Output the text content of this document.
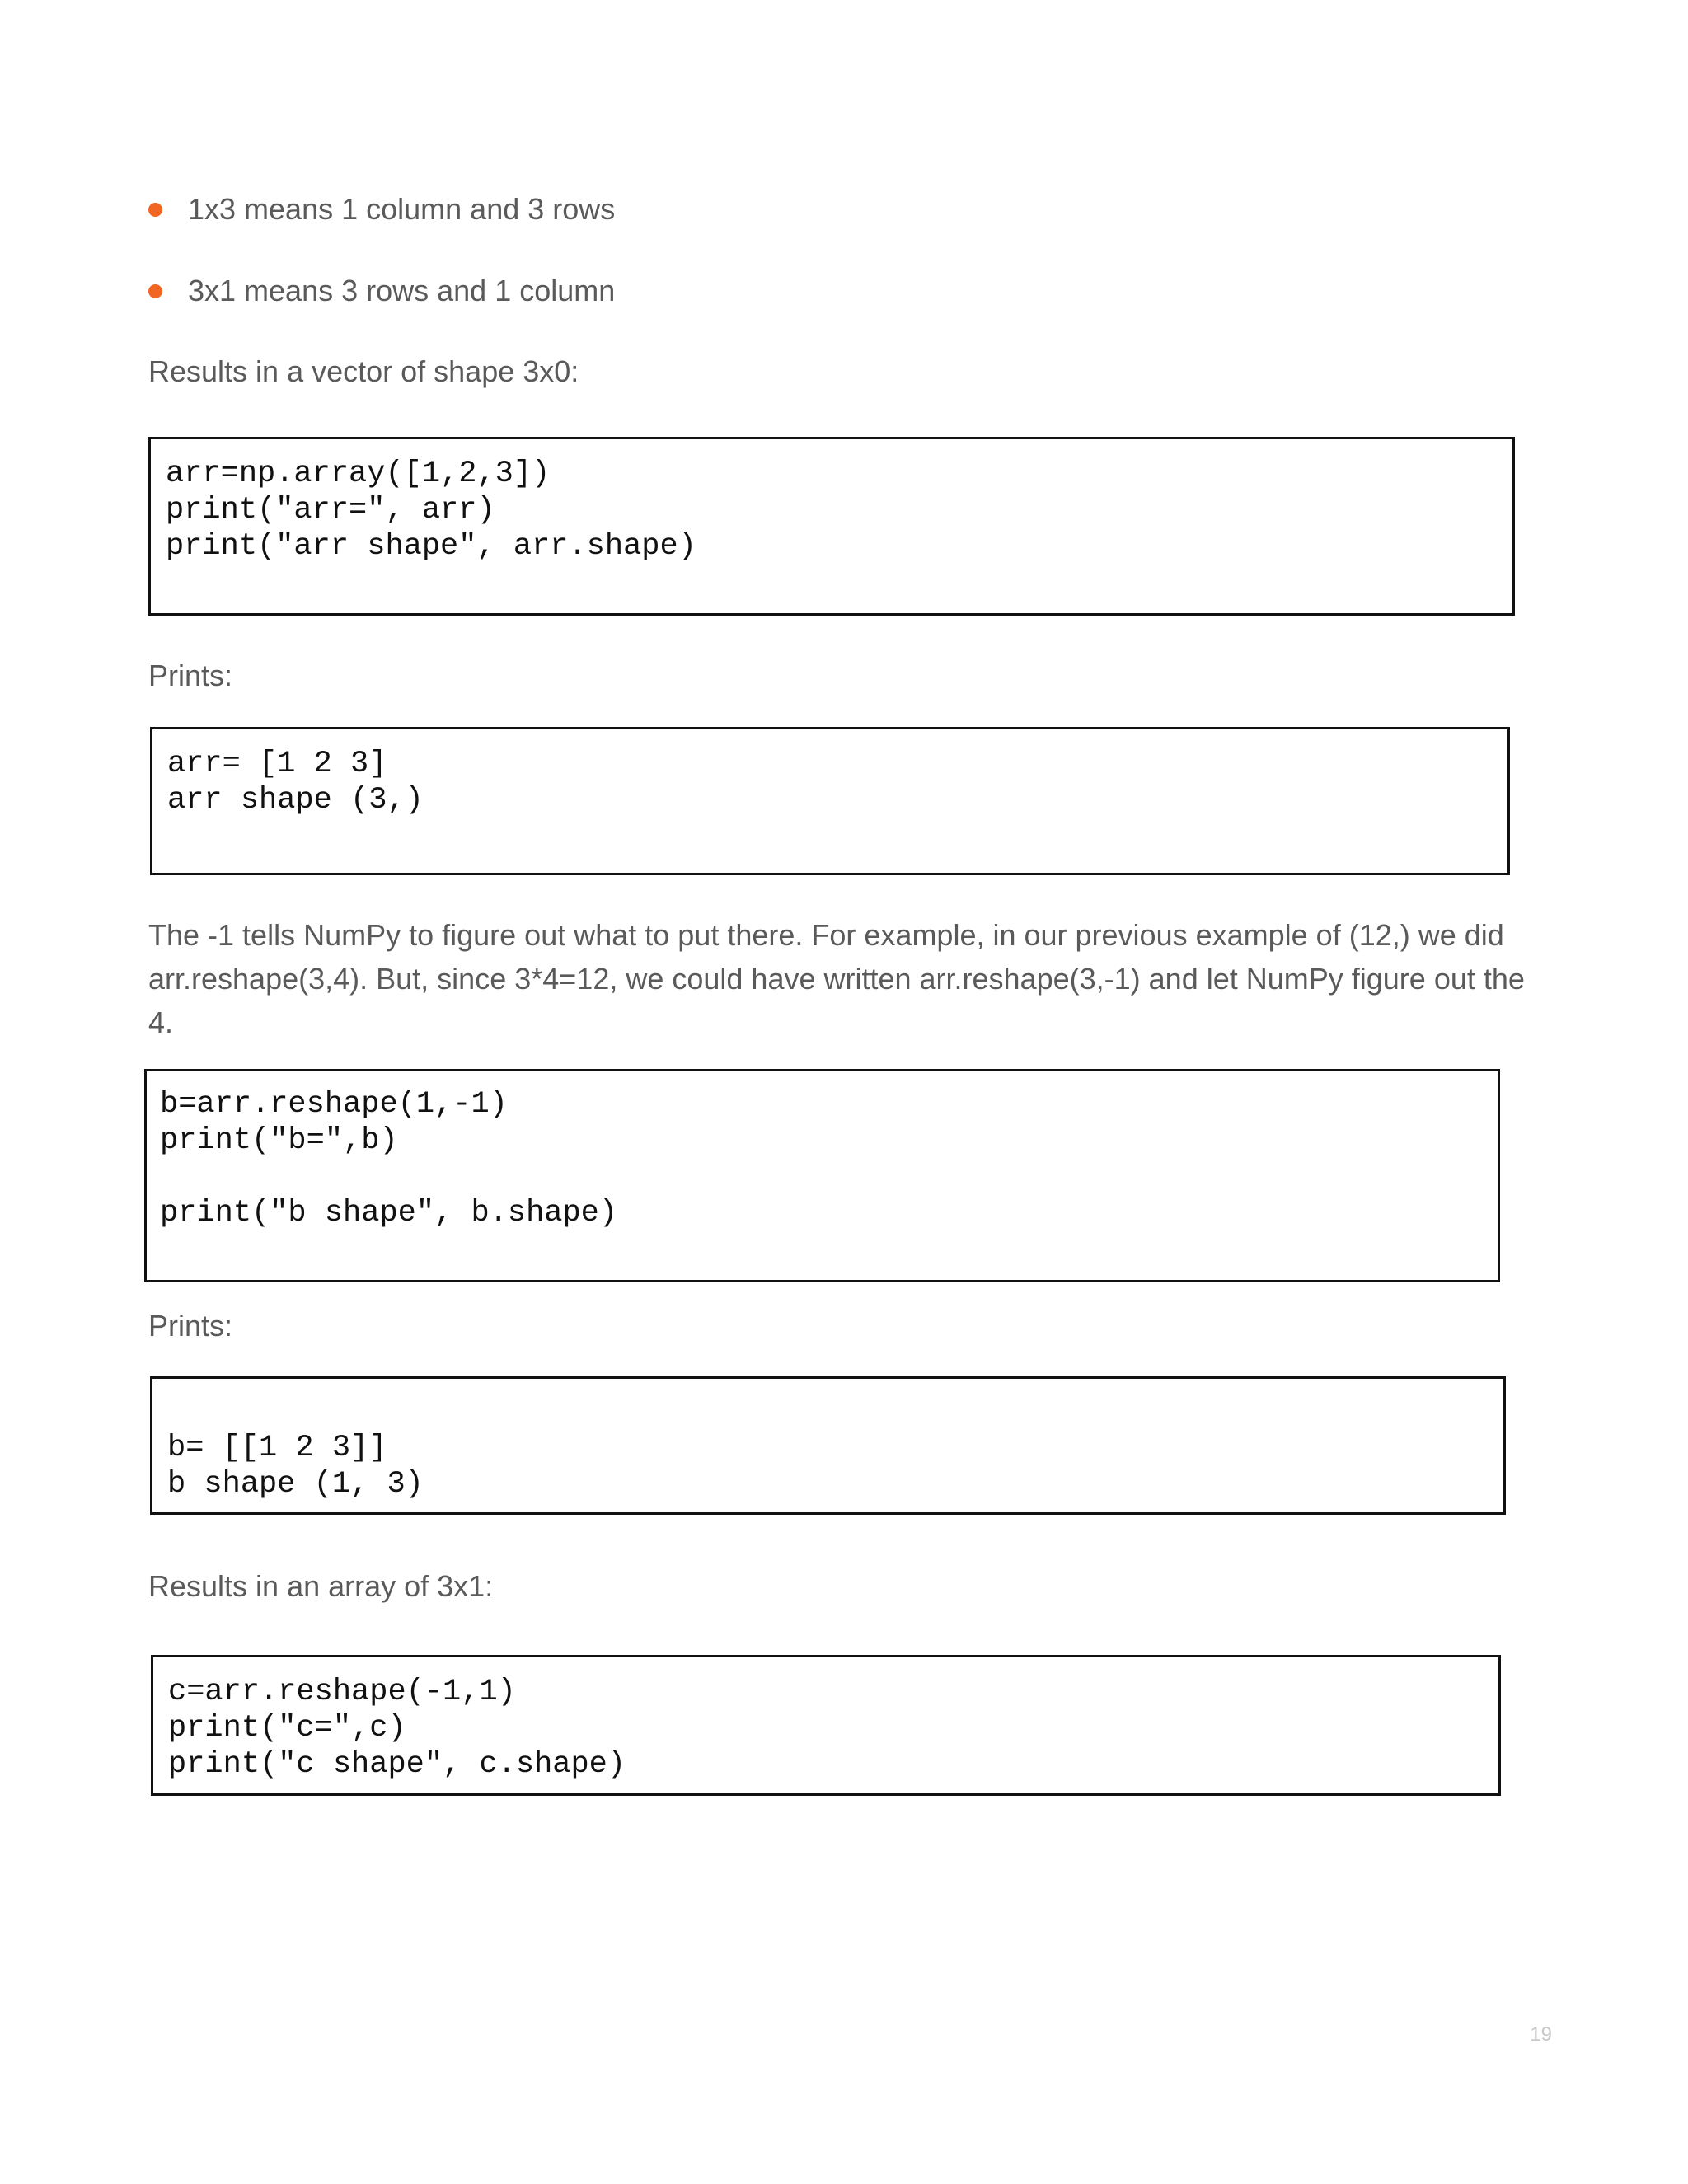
1x3 means 1 column and 3 rows
3x1 means 3 rows and 1 column
Results in a vector of shape 3x0:
arr=np.array([1,2,3])
print("arr=", arr)
print("arr shape", arr.shape)
Prints:
arr= [1 2 3]
arr shape (3,)
The -1 tells NumPy to figure out what to put there. For example, in our previous example of (12,) we did arr.reshape(3,4). But, since 3*4=12, we could have written arr.reshape(3,-1) and let NumPy figure out the 4.
b=arr.reshape(1,-1)
print("b=",b)

print("b shape", b.shape)
Prints:
b= [[1 2 3]]
b shape (1, 3)
Results in an array of 3x1:
c=arr.reshape(-1,1)
print("c=",c)
print("c shape", c.shape)
19
